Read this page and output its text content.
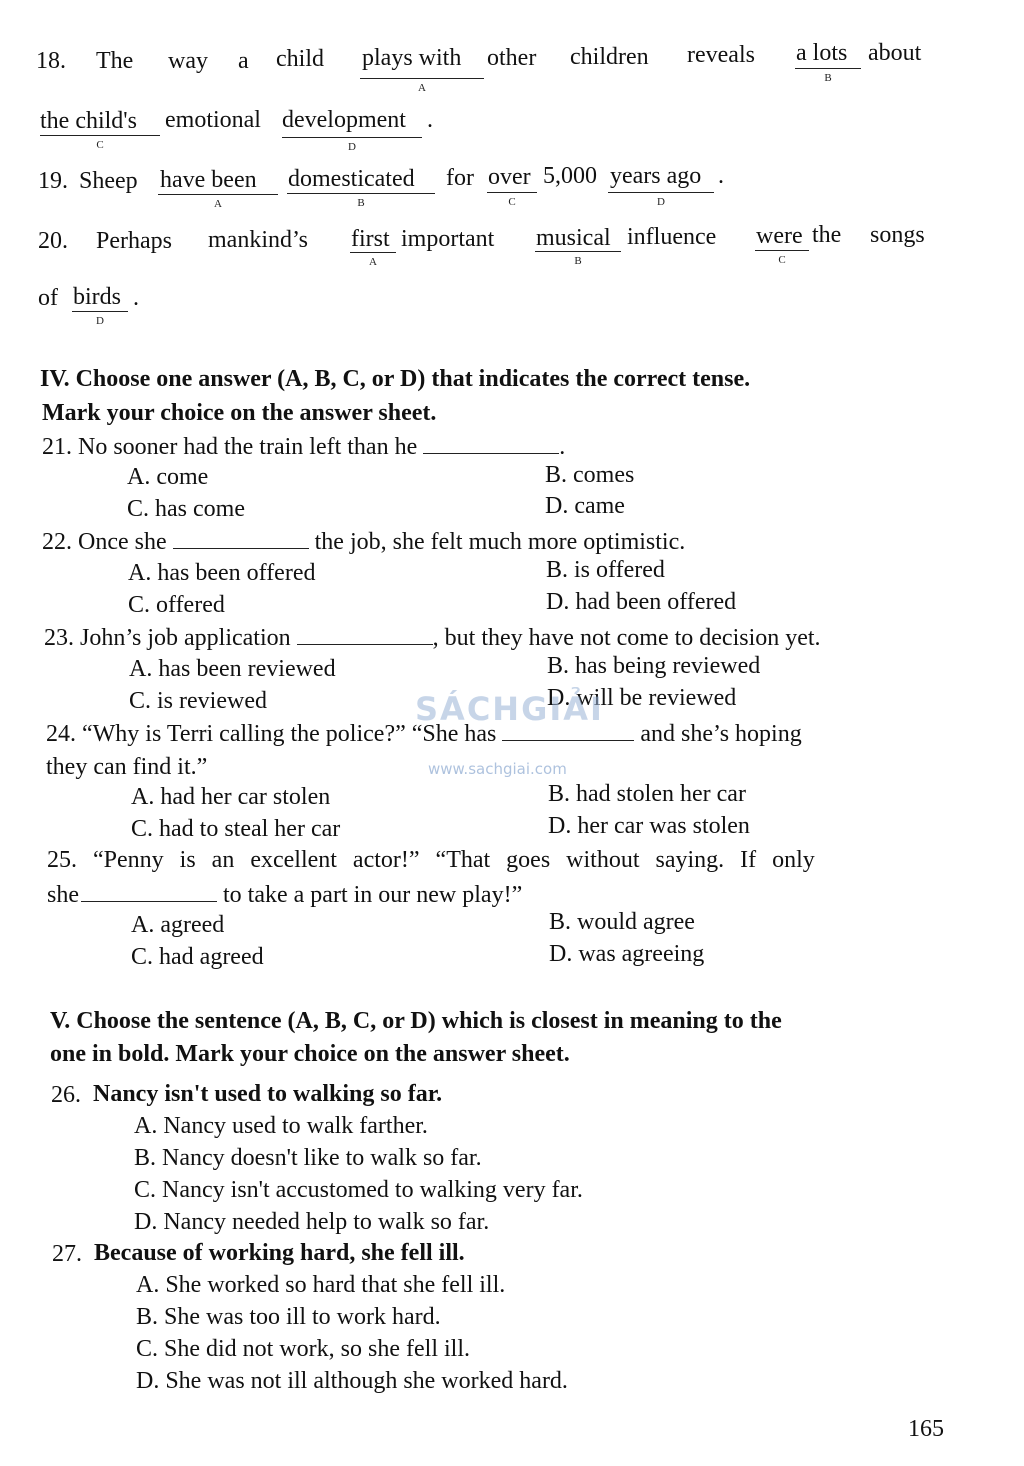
18. The way a child plays with other children reveals a lots about
A
B
the child's emotional development .
C	D
19. Sheep have been domesticated for over 5,000 years ago .
A	B	C	D
20. Perhaps mankind’s first important musical influence were the songs
A	B	C
of birds .
D
IV. Choose one answer (A, B, C, or D) that indicates the correct tense.
Mark your choice on the answer sheet.
21. No sooner had the train left than he	.
A. come	B. comes
C. has come	D. came
22. Once she	the job, she felt much more optimistic.
A. has been offered	B. is offered
C. offered	D. had been offered
23. John’s job application	, but they have not come to decision yet.
A. has been reviewed	B. has being reviewed
C. is reviewed	D. will be reviewed
SÁCHGIẢI
www.sachgiai.com
24. “Why is Terri calling the police?” “She has	and she’s hoping
they can find it.”
A. had her car stolen	B. had stolen her car
C. had to steal her car	D. her car was stolen
25. “Penny is an excellent actor!” “That goes without saying. If only
she	to take a part in our new play!”
A. agreed	B. would agree
C. had agreed	D. was agreeing
V. Choose the sentence (A, B, C, or D) which is closest in meaning to the
one in bold. Mark your choice on the answer sheet.
26. Nancy isn't used to walking so far.
A. Nancy used to walk farther.
B. Nancy doesn't like to walk so far.
C. Nancy isn't accustomed to walking very far.
D. Nancy needed help to walk so far.
27. Because of working hard, she fell ill.
A. She worked so hard that she fell ill.
B. She was too ill to work hard.
C. She did not work, so she fell ill.
D. She was not ill although she worked hard.
165
